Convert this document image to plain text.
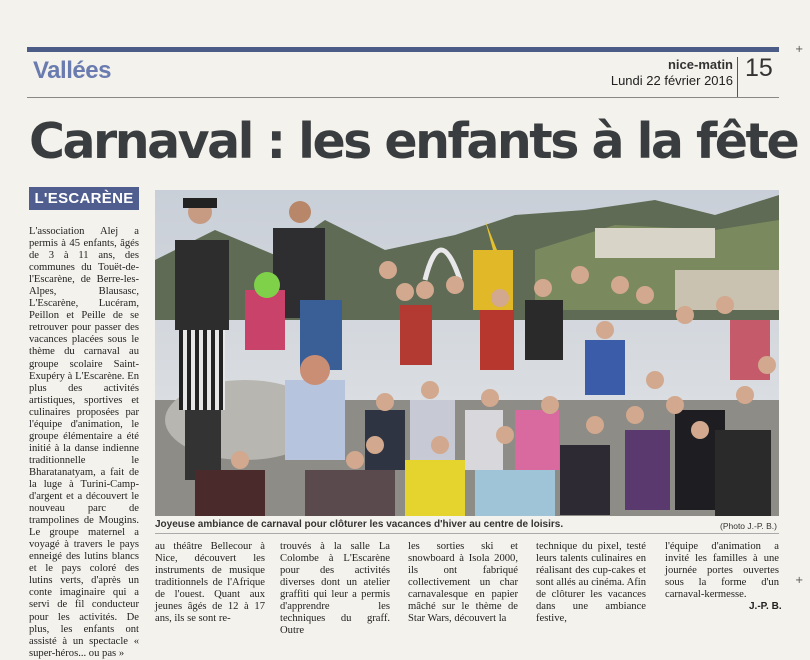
Vallées	nice-matin
Lundi 22 février 2016 15
Carnaval : les enfants à la fête
L'ESCARÈNE

L'association Alej a permis à 45 enfants, âgés de 3 à 11 ans, des communes du Touët-de-l'Escarène, de Berre-les-Alpes, Blausasc, L'Escarène, Lucéram, Peillon et Peille de se retrouver pour passer des vacances placées sous le thème du carnaval au groupe scolaire Saint-Exupéry à L'Escarène. En plus des activités artistiques, sportives et culinaires proposées par l'équipe d'animation, le groupe élémentaire a été initié à la danse indienne traditionnelle le Bharatanatyam, a fait de la luge à Turini-Camp-d'argent et a découvert le nouveau parc de trampolines de Mougins. Le groupe maternel a voyagé à travers le pays enneigé des lutins blancs et le pays coloré des lutins verts, d'après un conte imaginaire qui a servi de fil conducteur pour les activités. De plus, les enfants ont assisté à un spectacle « super-héros... ou pas »

Joyeuse ambiance de carnaval pour clôturer les vacances d'hiver au centre de loisirs.	(Photo J.-P. B.)

au théâtre Bellecour à Nice, découvert les instruments de musique traditionnels de l'Afrique de l'ouest. Quant aux jeunes âgés de 12 à 17 ans, ils se sont re-

trouvés à la salle La Colombe à L'Escarène pour des activités diverses dont un atelier graffiti qui leur a permis d'apprendre les techniques du graff. Outre

les sorties ski et snowboard à Isola 2000, ils ont fabriqué collectivement un char carnavalesque en papier mâché sur le thème de Star Wars, découvert la

technique du pixel, testé leurs talents culinaires en réalisant des cup-cakes et sont allés au cinéma. Afin de clôturer les vacances dans une ambiance festive,

l'équipe d'animation a invité les familles à une journée portes ouvertes sous la forme d'un carnaval-kermesse.

J.-P. B.
+
+
